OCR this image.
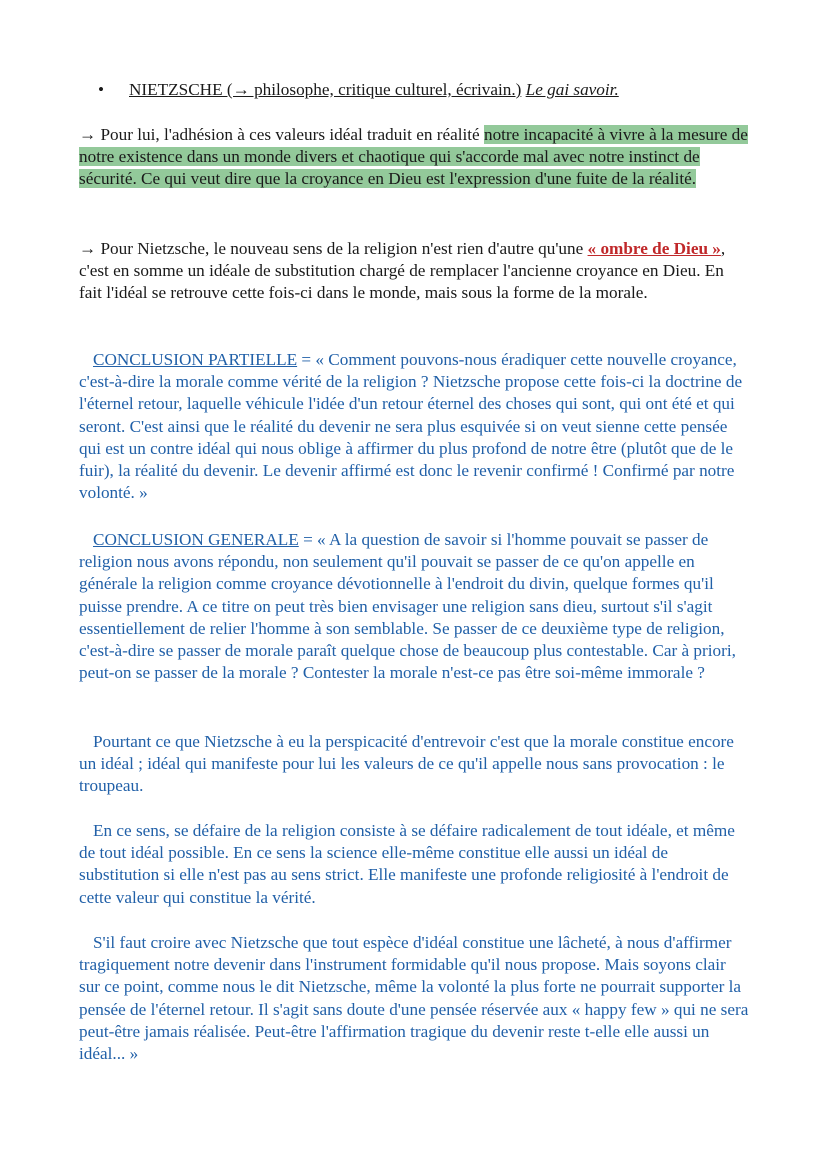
• NIETZSCHE (→ philosophe, critique culturel, écrivain.) Le gai savoir.

→ Pour lui, l'adhésion à ces valeurs idéal traduit en réalité notre incapacité à vivre à la mesure de notre existence dans un monde divers et chaotique qui s'accorde mal avec notre instinct de sécurité. Ce qui veut dire que la croyance en Dieu est l'expression d'une fuite de la réalité.

→ Pour Nietzsche, le nouveau sens de la religion n'est rien d'autre qu'une « ombre de Dieu », c'est en somme un idéale de substitution chargé de remplacer l'ancienne croyance en Dieu. En fait l'idéal se retrouve cette fois-ci dans le monde, mais sous la forme de la morale.

CONCLUSION PARTIELLE = « Comment pouvons-nous éradiquer cette nouvelle croyance, c'est-à-dire la morale comme vérité de la religion ? Nietzsche propose cette fois-ci la doctrine de l'éternel retour, laquelle véhicule l'idée d'un retour éternel des choses qui sont, qui ont été et qui seront. C'est ainsi que le réalité du devenir ne sera plus esquivée si on veut sienne cette pensée qui est un contre idéal qui nous oblige à affirmer du plus profond de notre être (plutôt que de le fuir), la réalité du devenir. Le devenir affirmé est donc le revenir confirmé ! Confirmé par notre volonté. »

CONCLUSION GENERALE = « A la question de savoir si l'homme pouvait se passer de religion nous avons répondu, non seulement qu'il pouvait se passer de ce qu'on appelle en générale la religion comme croyance dévotionnelle à l'endroit du divin, quelque formes qu'il puisse prendre. A ce titre on peut très bien envisager une religion sans dieu, surtout s'il s'agit essentiellement de relier l'homme à son semblable. Se passer de ce deuxième type de religion, c'est-à-dire se passer de morale paraît quelque chose de beaucoup plus contestable. Car à priori, peut-on se passer de la morale ? Contester la morale n'est-ce pas être soi-même immorale ?

Pourtant ce que Nietzsche à eu la perspicacité d'entrevoir c'est que la morale constitue encore un idéal ; idéal qui manifeste pour lui les valeurs de ce qu'il appelle nous sans provocation : le troupeau.

En ce sens, se défaire de la religion consiste à se défaire radicalement de tout idéale, et même de tout idéal possible. En ce sens la science elle-même constitue elle aussi un idéal de substitution si elle n'est pas au sens strict. Elle manifeste une profonde religiosité à l'endroit de cette valeur qui constitue la vérité.

S'il faut croire avec Nietzsche que tout espèce d'idéal constitue une lâcheté, à nous d'affirmer tragiquement notre devenir dans l'instrument formidable qu'il nous propose. Mais soyons clair sur ce point, comme nous le dit Nietzsche, même la volonté la plus forte ne pourrait supporter la pensée de l'éternel retour. Il s'agit sans doute d'une pensée réservée aux « happy few » qui ne sera peut-être jamais réalisée. Peut-être l'affirmation tragique du devenir reste t-elle elle aussi un idéal... »
